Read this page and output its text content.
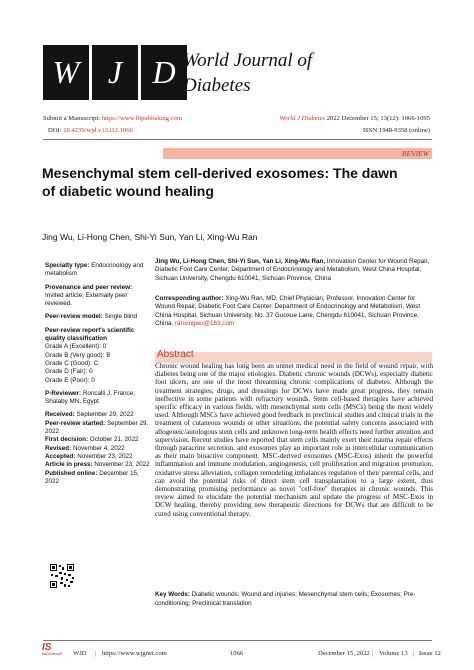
W J D World Journal of
Diabetes
Submit a Manuscript: https://www.f6publishing.com	World J Diabetes 2022 December 15; 13(12): 1066-1095
DOI: 10.4239/wjd.v13.i12.1066	ISSN 1948-9358 (online)
REVIEW
Mesenchymal stem cell-derived exosomes: The dawn of diabetic wound healing
Jing Wu, Li-Hong Chen, Shi-Yi Sun, Yan Li, Xing-Wu Ran
Specialty type: Endocrinology and metabolism
Provenance and peer review:
Invited article; Externally peer reviewed.
Peer-review model: Single blind
Peer-review report's scientific quality classification
Grade A (Excellent): 0
Grade B (Very good): B
Grade C (Good): C
Grade D (Fair): 0
Grade E (Poor): 0
P-Reviewer: Roncalli J, France; Shalaby MN, Egypt
Received: September 29, 2022
Peer-review started: September 29, 2022
First decision: October 21, 2022
Revised: November 4, 2022
Accepted: November 23, 2022
Article in press: November 23, 2022
Published online: December 15, 2022
Jing Wu, Li-Hong Chen, Shi-Yi Sun, Yan Li, Xing-Wu Ran, Innovation Center for Wound Repair, Diabetic Foot Care Center, Department of Endocrinology and Metabolism, West China Hospital, Sichuan University, Chengdu 610041, Sichuan Province, China
Corresponding author: Xing-Wu Ran, MD, Chief Physician, Professor, Innovation Center for Wound Repair, Diabetic Foot Care Center, Department of Endocrinology and Metabolism, West China Hospital, Sichuan University, No. 37 Guoxue Lane, Chengdu 610041, Sichuan Province, China. ranxingwu@163.com
Abstract
Chronic wound healing has long been an unmet medical need in the field of wound repair, with diabetes being one of the major etiologies. Diabetic chronic wounds (DCWs), especially diabetic foot ulcers, are one of the most threatening chronic complications of diabetes. Although the treatment strategies, drugs, and dressings for DCWs have made great progress, they remain ineffective in some patients with refractory wounds. Stem cell-based therapies have achieved specific efficacy in various fields, with mesenchymal stem cells (MSCs) being the most widely used. Although MSCs have achieved good feedback in preclinical studies and clinical trials in the treatment of cutaneous wounds or other situations, the potential safety concerns associated with allogeneic/autologous stem cells and unknown long-term health effects need further attention and supervision. Recent studies have reported that stem cells mainly exert their trauma repair effects through paracrine secretion, and exosomes play an important role in intercellular communication as their main bioactive component. MSC-derived exosomes (MSC-Exos) inherit the powerful inflammation and immune modulation, angiogenesis, cell proliferation and migration promotion, oxidative stress alleviation, collagen remodeling imbalances regulation of their parental cells, and can avoid the potential risks of direct stem cell transplantation to a large extent, thus demonstrating promising performance as novel "cell-free" therapies in chronic wounds. This review aimed to elucidate the potential mechanism and update the progress of MSC-Exos in DCW healing, thereby providing new therapeutic directions for DCWs that are difficult to be cured using conventional therapy.
Key Words: Diabetic wounds; Wound and injuries; Mesenchymal stem cells; Exosomes; Pre-conditioning; Preclinical translation
IS
Baishideng® WJD | https://www.wjgnet.com	1066	December 15, 2022 | Volume 13 | Issue 12
